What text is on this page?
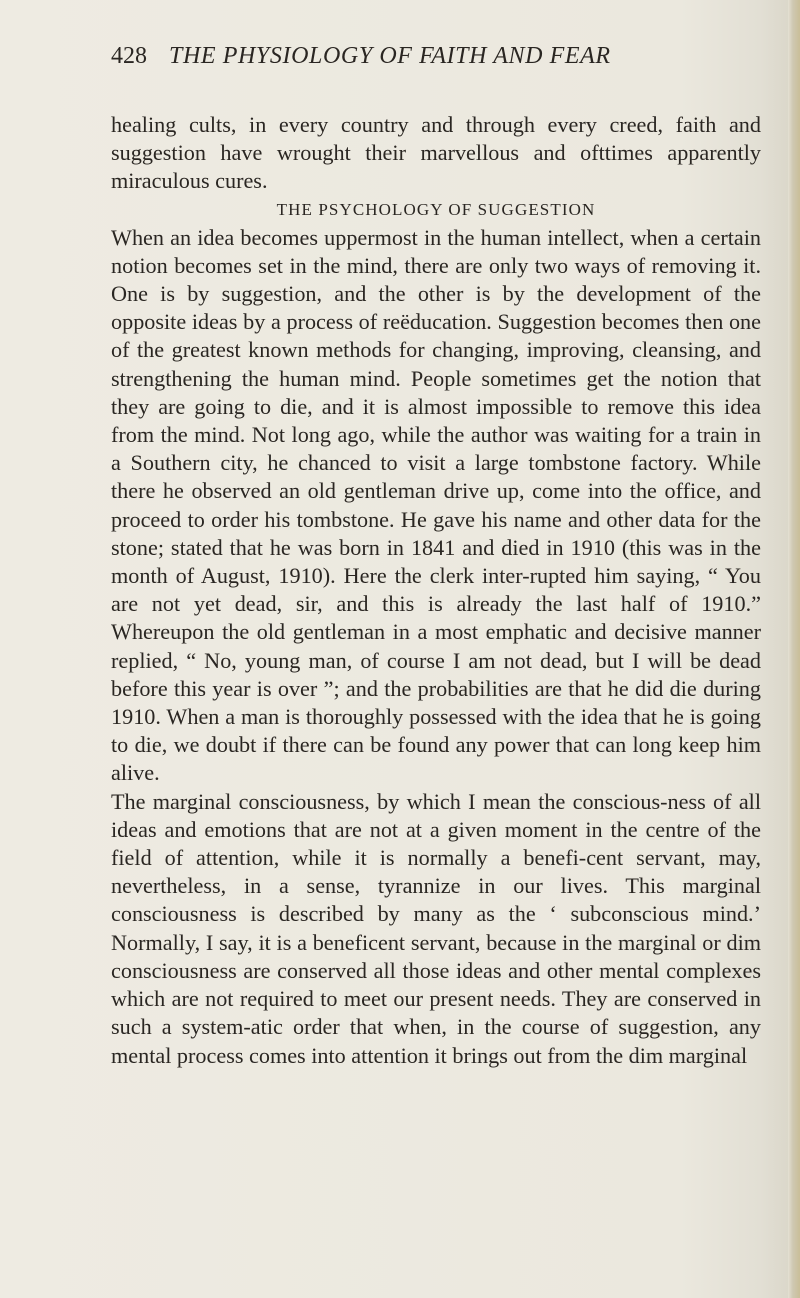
428 THE PHYSIOLOGY OF FAITH AND FEAR

healing cults, in every country and through every creed, faith and suggestion have wrought their marvellous and ofttimes apparently miraculous cures.

THE PSYCHOLOGY OF SUGGESTION

When an idea becomes uppermost in the human intellect, when a certain notion becomes set in the mind, there are only two ways of removing it. One is by suggestion, and the other is by the development of the opposite ideas by a process of reëducation. Suggestion becomes then one of the greatest known methods for changing, improving, cleansing, and strengthening the human mind. People sometimes get the notion that they are going to die, and it is almost impossible to remove this idea from the mind. Not long ago, while the author was waiting for a train in a Southern city, he chanced to visit a large tombstone factory. While there he observed an old gentleman drive up, come into the office, and proceed to order his tombstone. He gave his name and other data for the stone; stated that he was born in 1841 and died in 1910 (this was in the month of August, 1910). Here the clerk inter-rupted him saying, “ You are not yet dead, sir, and this is already the last half of 1910.” Whereupon the old gentleman in a most emphatic and decisive manner replied, “ No, young man, of course I am not dead, but I will be dead before this year is over ”; and the probabilities are that he did die during 1910. When a man is thoroughly possessed with the idea that he is going to die, we doubt if there can be found any power that can long keep him alive.

The marginal consciousness, by which I mean the conscious-ness of all ideas and emotions that are not at a given moment in the centre of the field of attention, while it is normally a benefi-cent servant, may, nevertheless, in a sense, tyrannize in our lives. This marginal consciousness is described by many as the ‘ subconscious mind.’ Normally, I say, it is a beneficent servant, because in the marginal or dim consciousness are conserved all those ideas and other mental complexes which are not required to meet our present needs. They are conserved in such a system-atic order that when, in the course of suggestion, any mental process comes into attention it brings out from the dim marginal
